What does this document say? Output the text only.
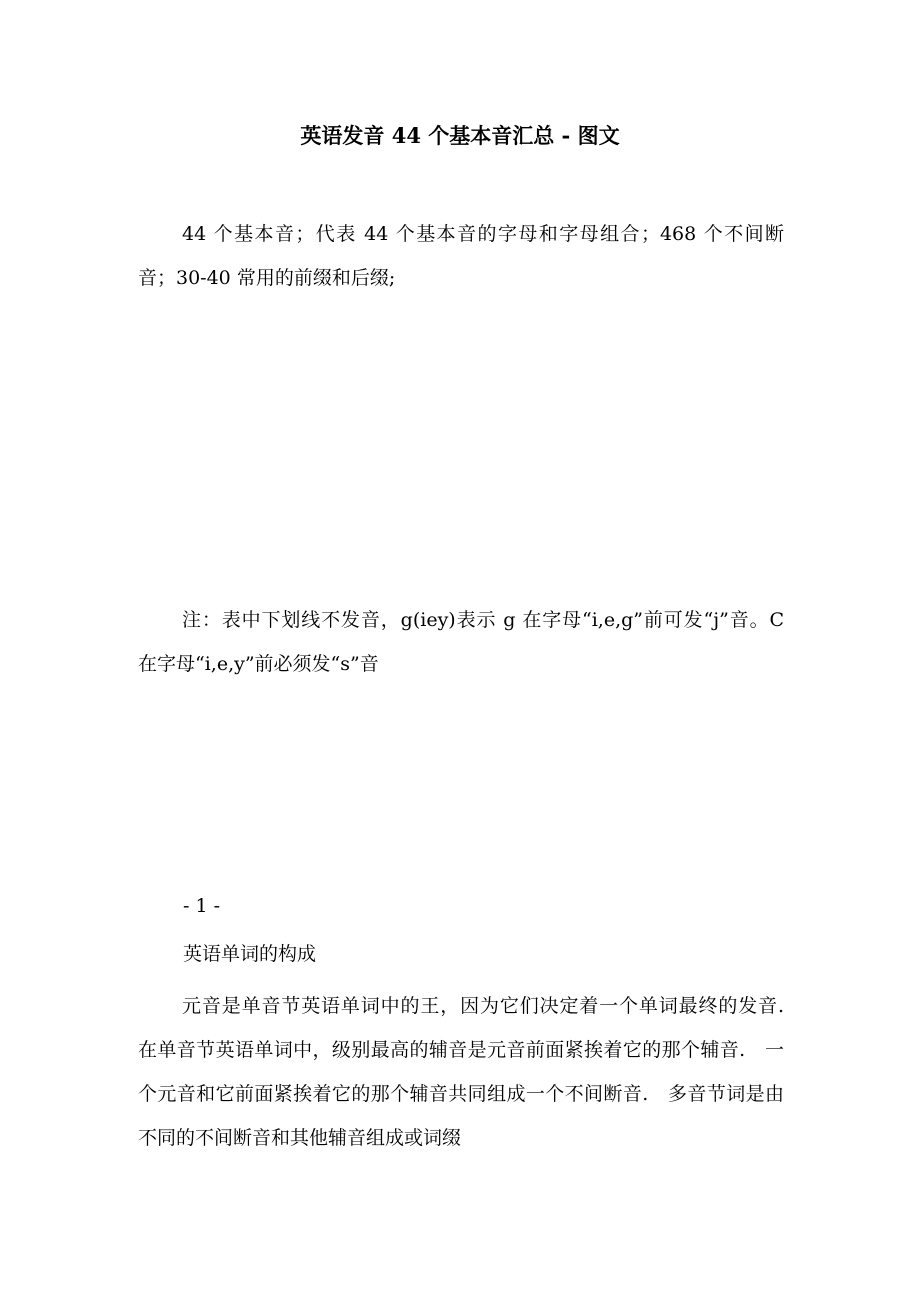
英语发音 44 个基本音汇总 - 图文

44 个基本音；代表 44 个基本音的字母和字母组合；468 个不间断音；30-40 常用的前缀和后缀;

注：表中下划线不发音，g(iey)表示 g 在字母“i,e,g”前可发“j”音。C 在字母“i,e,y”前必须发“s”音

- 1 -
英语单词的构成

元音是单音节英语单词中的王，因为它们决定着一个单词最终的发音.　在单音节英语单词中，级别最高的辅音是元音前面紧挨着它的那个辅音.　一个元音和它前面紧挨着它的那个辅音共同组成一个不间断音.　多音节词是由不同的不间断音和其他辅音组成或词缀
